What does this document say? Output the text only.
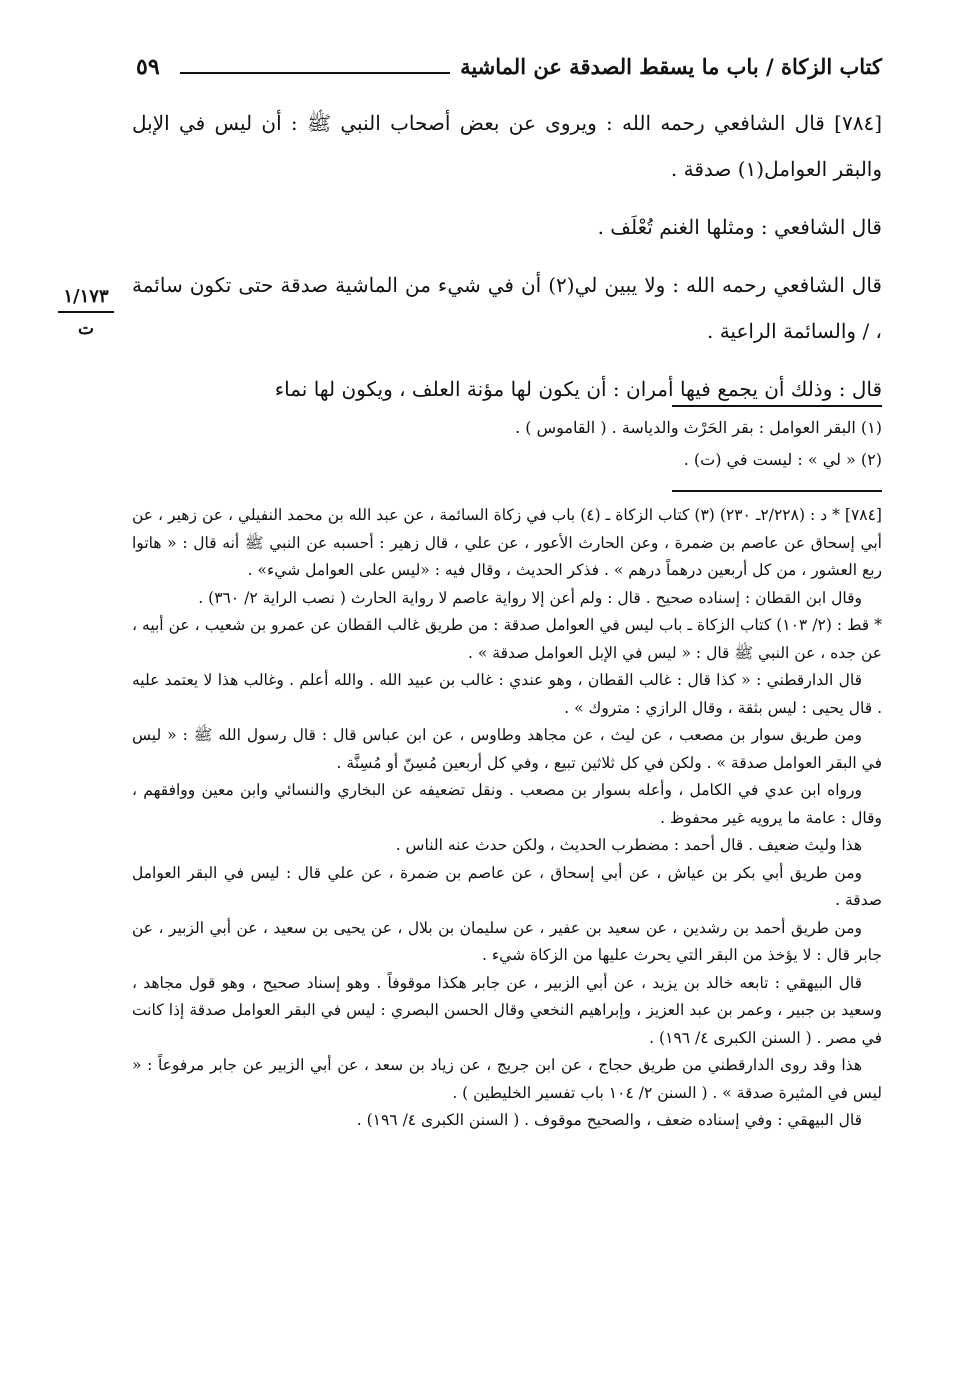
كتاب الزكاة / باب ما يسقط الصدقة عن الماشية
٥٩
١/١٧٣
ت

[٧٨٤] قال الشافعي رحمه الله : ويروى عن بعض أصحاب النبي ﷺ : أن ليس في الإبل والبقر العوامل(١) صدقة .

قال الشافعي : ومثلها الغنم تُعْلَف .

قال الشافعي رحمه الله : ولا يبين لي(٢) أن في شيء من الماشية صدقة حتى تكون سائمة ، / والسائمة الراعية .

قال : وذلك أن يجمع فيها أمران : أن يكون لها مؤنة العلف ، ويكون لها نماء

(١) البقر العوامل : بقر الحَرْث والدياسة . ( القاموس ) .
(٢) « لي » : ليست في (ت) .

[٧٨٤] * د : (٢/٢٢٨ـ ٢٣٠) (٣) كتاب الزكاة ـ (٤) باب في زكاة السائمة ، عن عبد الله بن محمد النفيلي ، عن زهير ، عن أبي إسحاق عن عاصم بن ضمرة ، وعن الحارث الأعور ، عن علي ، قال زهير : أحسبه عن النبي ﷺ أنه قال : « هاتوا ربع العشور ، من كل أربعين درهماً درهم » . فذكر الحديث ، وقال فيه : «ليس على العوامل شيء» .

وقال ابن القطان : إسناده صحيح . قال : ولم أعن إلا رواية عاصم لا رواية الحارث ( نصب الراية ٢/ ٣٦٠) .

* قط : (٢/ ١٠٣) كتاب الزكاة ـ باب ليس في العوامل صدقة : من طريق غالب القطان عن عمرو بن شعيب ، عن أبيه ، عن جده ، عن النبي ﷺ قال : « ليس في الإبل العوامل صدقة » .

قال الدارقطني : « كذا قال : غالب القطان ، وهو عندي : غالب بن عبيد الله . والله أعلم . وغالب هذا لا يعتمد عليه . قال يحيى : ليس بثقة ، وقال الرازي : متروك » .

ومن طريق سوار بن مصعب ، عن ليث ، عن مجاهد وطاوس ، عن ابن عباس قال : قال رسول الله ﷺ : « ليس في البقر العوامل صدقة » . ولكن في كل ثلاثين تبيع ، وفي كل أربعين مُسِنّ أو مُسِنَّة .

ورواه ابن عدي في الكامل ، وأعله بسوار بن مصعب . ونقل تضعيفه عن البخاري والنسائي وابن معين ووافقهم ، وقال : عامة ما يرويه غير محفوظ .

هذا وليث ضعيف . قال أحمد : مضطرب الحديث ، ولكن حدث عنه الناس .

ومن طريق أبي بكر بن عياش ، عن أبي إسحاق ، عن عاصم بن ضمرة ، عن علي قال : ليس في البقر العوامل صدقة .

ومن طريق أحمد بن رشدين ، عن سعيد بن عفير ، عن سليمان بن بلال ، عن يحيى بن سعيد ، عن أبي الزبير ، عن جابر قال : لا يؤخذ من البقر التي يحرث عليها من الزكاة شيء .

قال البيهقي : تابعه خالد بن يزيد ، عن أبي الزبير ، عن جابر هكذا موقوفاً . وهو إسناد صحيح ، وهو قول مجاهد ، وسعيد بن جبير ، وعمر بن عبد العزيز ، وإبراهيم النخعي وقال الحسن البصري : ليس في البقر العوامل صدقة إذا كانت في مصر . ( السنن الكبرى ٤/ ١٩٦) .

هذا وقد روى الدارقطني من طريق حجاج ، عن ابن جريج ، عن زياد بن سعد ، عن أبي الزبير عن جابر مرفوعاً : « ليس في المثيرة صدقة » . ( السنن ٢/ ١٠٤ باب تفسير الخليطين ) .

قال البيهقي : وفي إسناده ضعف ، والصحيح موقوف . ( السنن الكبرى ٤/ ١٩٦) .
